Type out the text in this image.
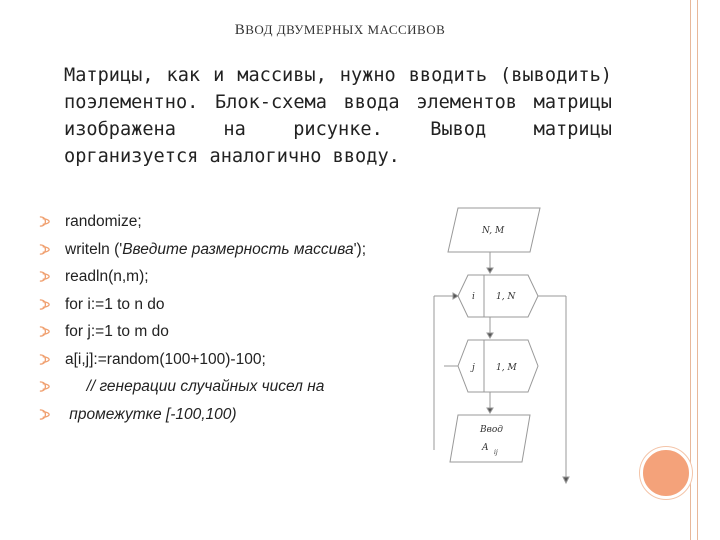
ВВОД ДВУМЕРНЫХ МАССИВОВ
Матрицы, как и массивы, нужно вводить (выводить) поэлементно. Блок-схема ввода элементов матрицы изображена на рисунке. Вывод матрицы организуется аналогично вводу.
randomize;
writeln ('Введите размерность массива');
readln(n,m);
for i:=1 to n do
for j:=1 to m do
a[i,j]:=random(100+100)-100;
// генерации случайных чисел на
промежутке [-100,100)
N, M
i 1, N
j 1, M
Ввод
A ij
